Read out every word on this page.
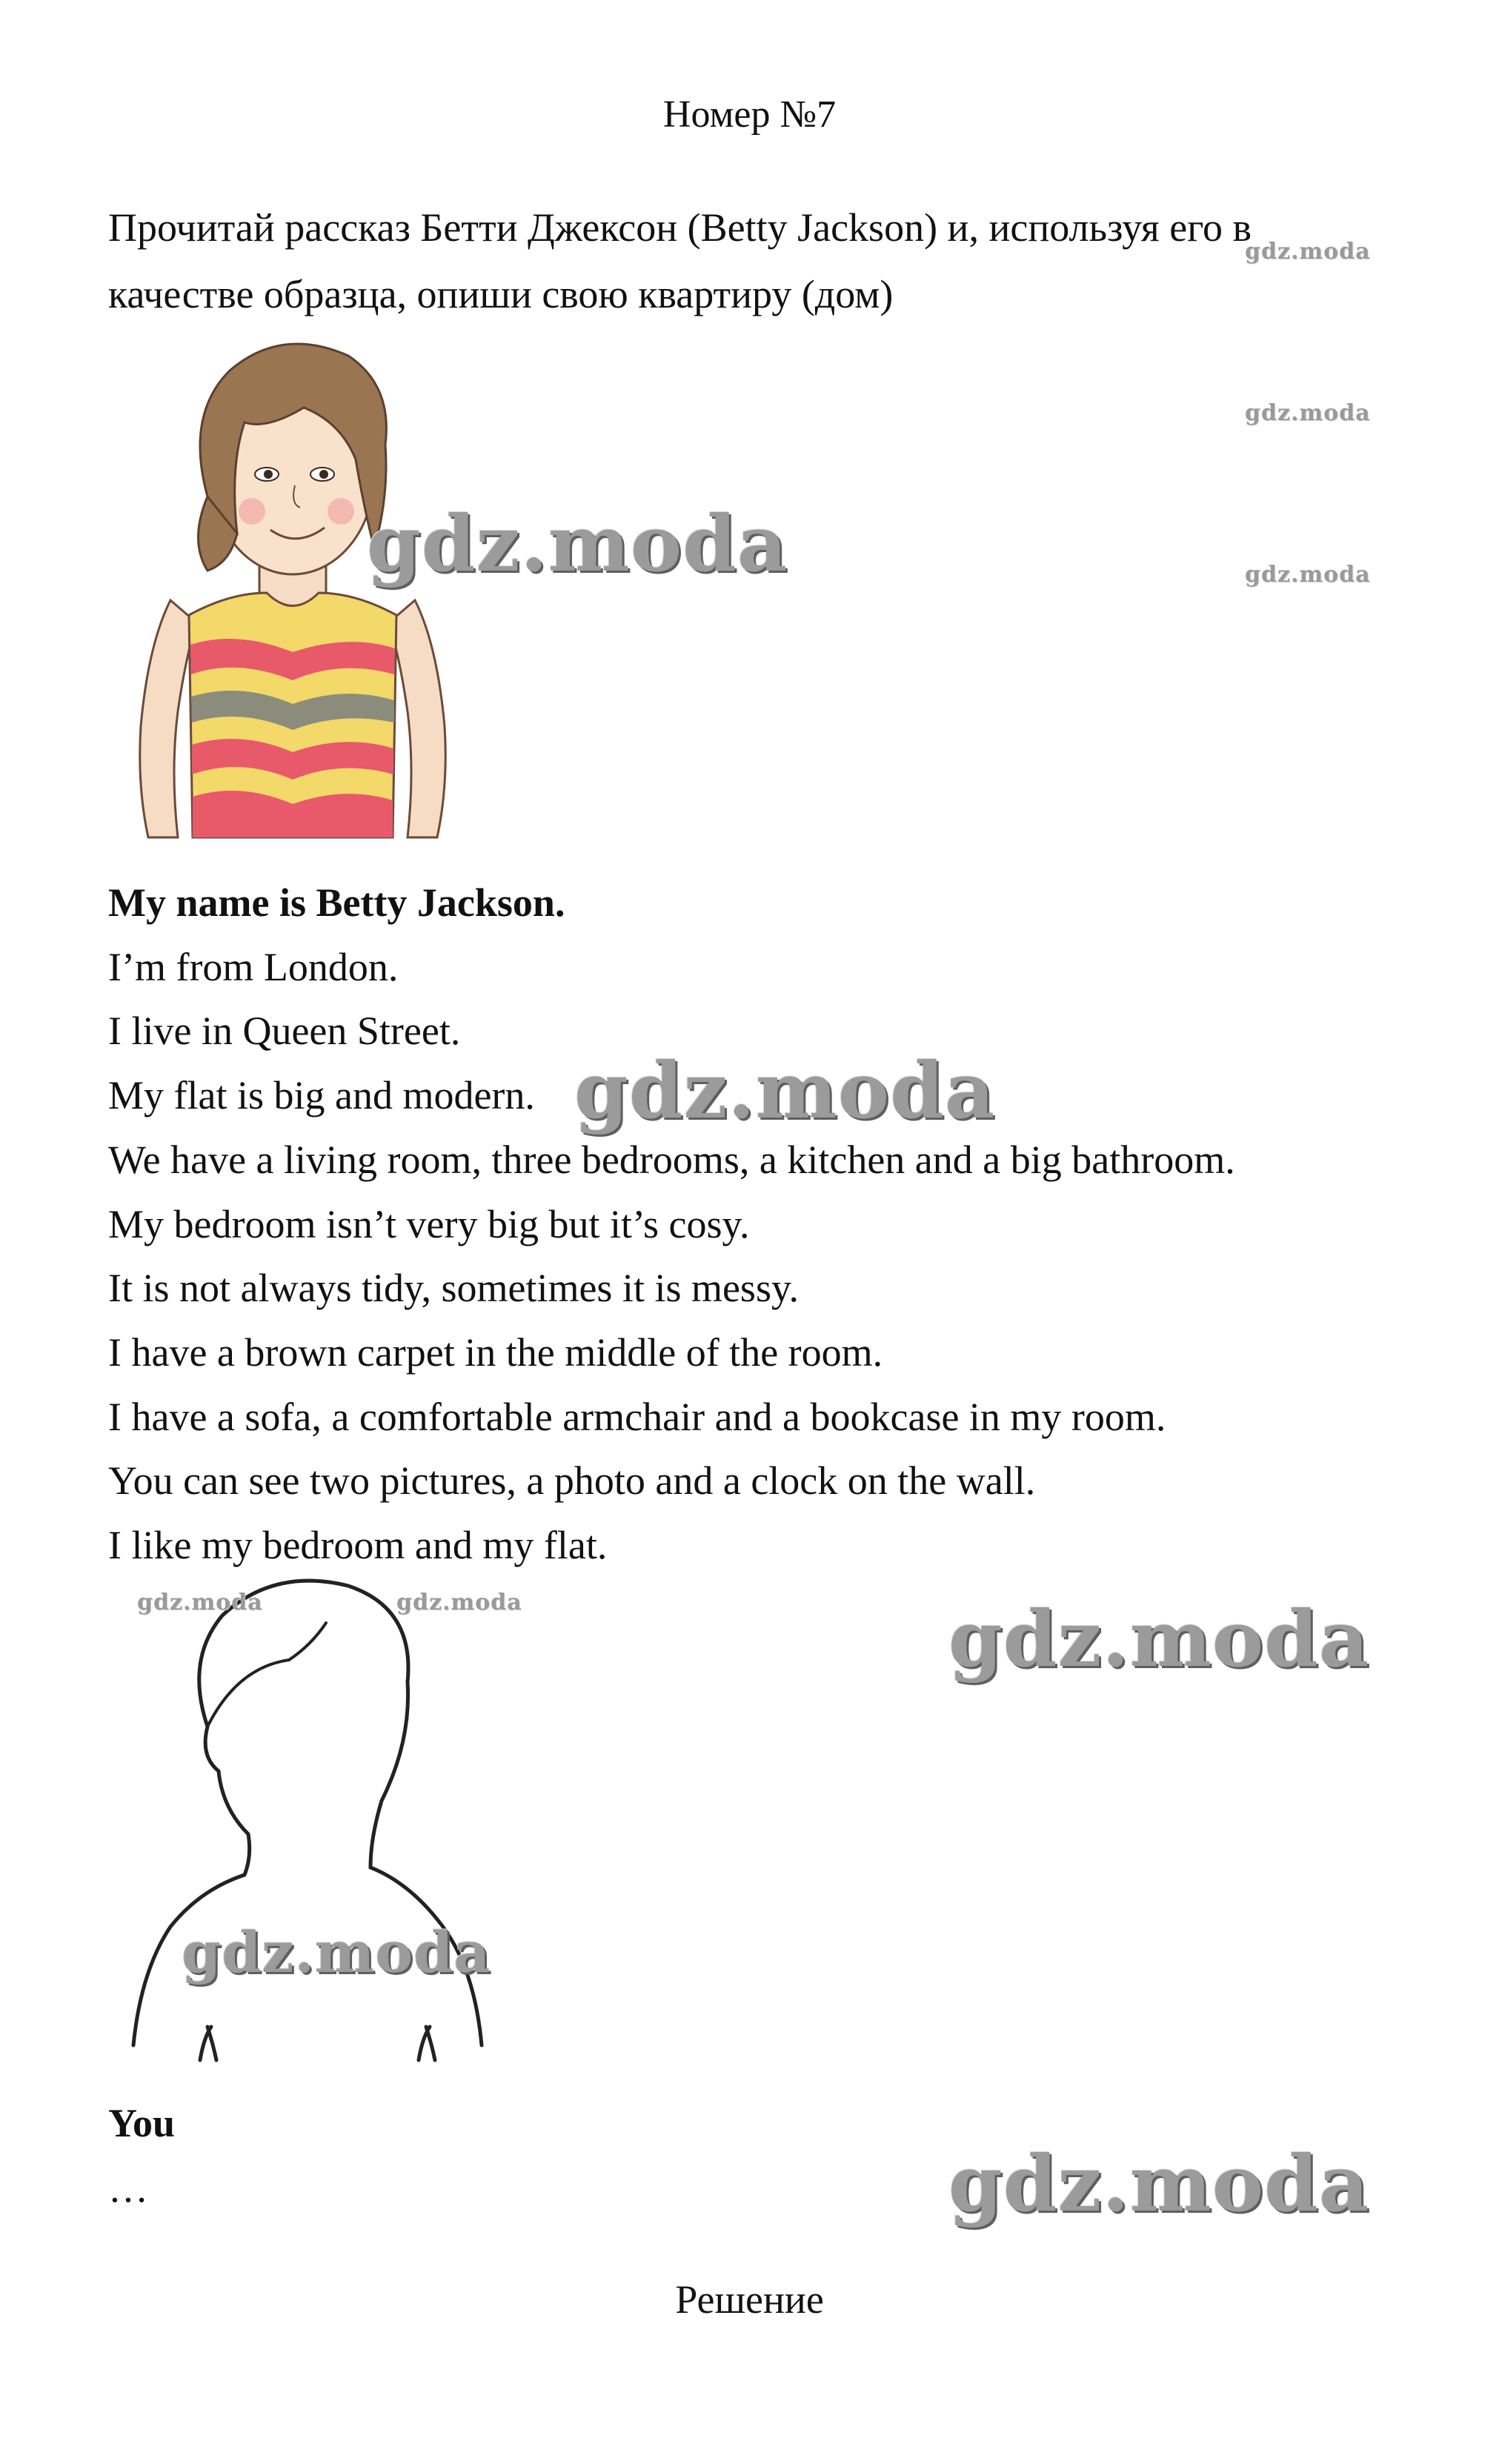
Номер №7
Прочитай рассказ Бетти Джексон (Betty Jackson) и, используя его в качестве образца, опиши свою квартиру (дом)
My name is Betty Jackson.
I’m from London.
I live in Queen Street.
My flat is big and modern.
We have a living room, three bedrooms, a kitchen and a big bathroom.
My bedroom isn’t very big but it’s cosy.
It is not always tidy, sometimes it is messy.
I have a brown carpet in the middle of the room.
I have a sofa, a comfortable armchair and a bookcase in my room.
You can see two pictures, a photo and a clock on the wall.
I like my bedroom and my flat.
You
…
Решение
gdz.moda
gdz.moda
gdz.moda
gdz.moda
gdz.moda
gdz.moda	gdz.moda	gdz.moda
gdz.moda
gdz.moda
